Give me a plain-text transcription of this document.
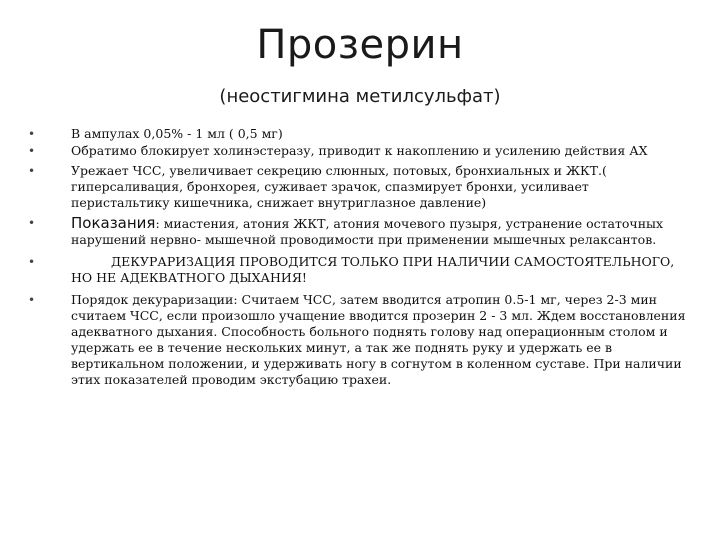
Прозерин
(неостигмина метилсульфат)
•	В ампулах 0,05% - 1 мл ( 0,5 мг)
•	Обратимо блокирует холинэстеразу, приводит к накоплению и усилению действия АХ
•	Урежает ЧСС, увеличивает секрецию слюнных, потовых, бронхиальных и ЖКТ.( гиперсаливация, бронхорея, суживает зрачок, спазмирует бронхи, усиливает перистальтику кишечника, снижает внутриглазное давление)
• Показания: миастения, атония ЖКТ, атония мочевого пузыря, устранение остаточных нарушений нервно- мышечной проводимости при применении мышечных релаксантов.
•	ДЕКУРАРИЗАЦИЯ ПРОВОДИТСЯ ТОЛЬКО ПРИ НАЛИЧИИ САМОСТОЯТЕЛЬНОГО, НО НЕ АДЕКВАТНОГО ДЫХАНИЯ!
•	Порядок декураризации: Считаем ЧСС, затем вводится атропин 0.5-1 мг, через 2-3 мин считаем ЧСС, если произошло учащение вводится прозерин 2 - 3 мл. Ждем восстановления адекватного дыхания. Способность больного поднять голову над операционным столом и удержать ее в течение нескольких минут, а так же поднять руку и удержать ее в вертикальном положении, и удерживать ногу в согнутом в коленном суставе. При наличии этих показателей проводим экстубацию трахеи.
